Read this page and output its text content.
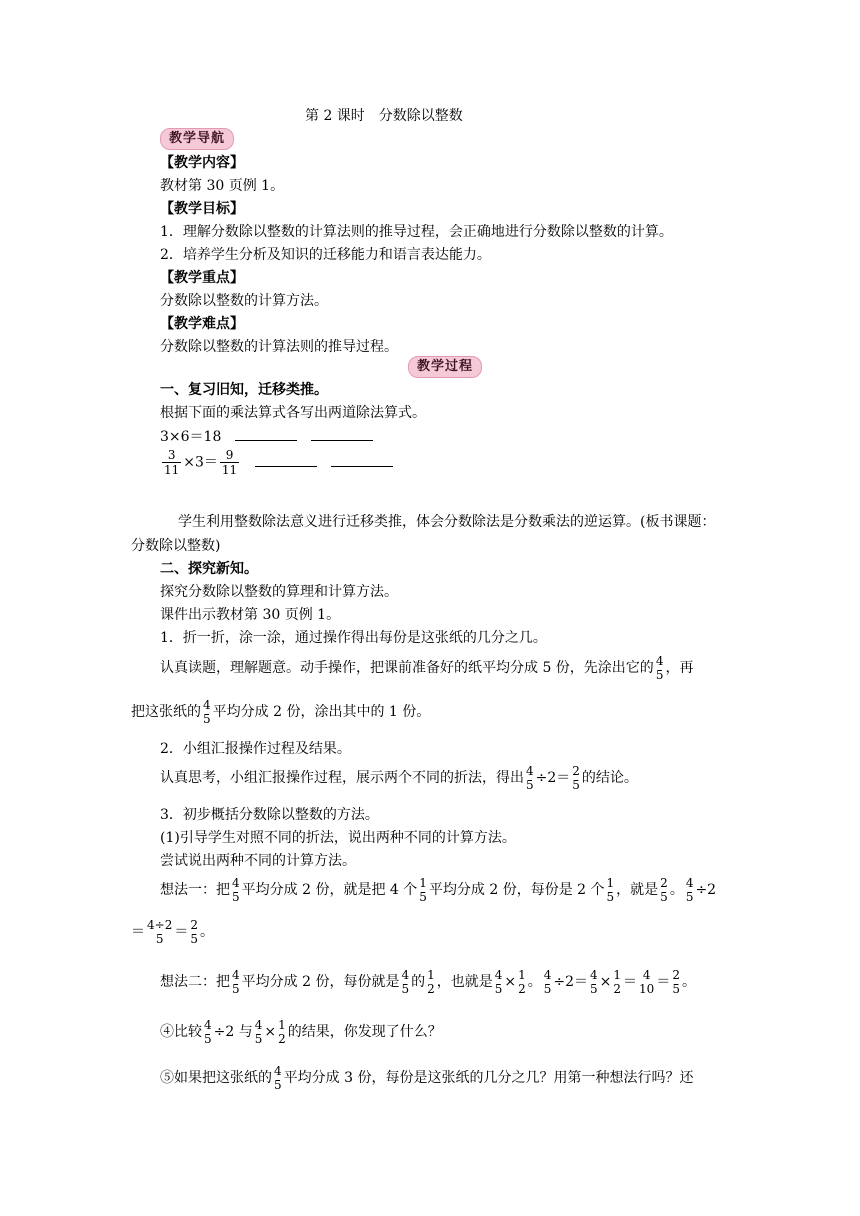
第 2 课时　分数除以整数
教学导航
【教学内容】
教材第 30 页例 1。
【教学目标】
1．理解分数除以整数的计算法则的推导过程，会正确地进行分数除以整数的计算。
2．培养学生分析及知识的迁移能力和语言表达能力。
【教学重点】
分数除以整数的计算方法。
【教学难点】
分数除以整数的计算法则的推导过程。
教学过程
一、复习旧知，迁移类推。
根据下面的乘法算式各写出两道除法算式。
3×6＝18
$\frac{3}{11} \times 3= \frac{9}{11}$
学生利用整数除法意义进行迁移类推，体会分数除法是分数乘法的逆运算。(板书课题：
分数除以整数)
二、探究新知。
探究分数除以整数的算理和计算方法。
课件出示教材第 30 页例 1。
1．折一折，涂一涂，通过操作得出每份是这张纸的几分之几。
认真读题，理解题意。动手操作，把课前准备好的纸平均分成 5 份，先涂出它的 4
5 ，再
把这张纸的 4
5 平均分成 2 份，涂出其中的 1 份。
2．小组汇报操作过程及结果。
认真思考，小组汇报操作过程，展示两个不同的折法，得出 4
5 ÷2＝ 2
5 的结论。
3．初步概括分数除以整数的方法。
(1)引导学生对照不同的折法，说出两种不同的计算方法。
尝试说出两种不同的计算方法。
想法一：把 4
5 平均分成 2 份，就是把 4 个 1
5 平均分成 2 份，每份是 2 个 1
5 ，就是 2
5 。 4
5 ÷2
＝ 4÷2
5 ＝ 2
5 。
想法二：把 4
5 平均分成 2 份，每份就是 4
5 的 1
2 ，也就是 4
5 × 1
2 。 4
5 ÷2＝ 4
5 × 1
2 ＝ 4
10 ＝ 2
5 。
④比较 4
5 ÷2 与 4
5 × 1
2 的结果，你发现了什么？
⑤如果把这张纸的 4
5 平均分成 3 份，每份是这张纸的几分之几？用第一种想法行吗？还
